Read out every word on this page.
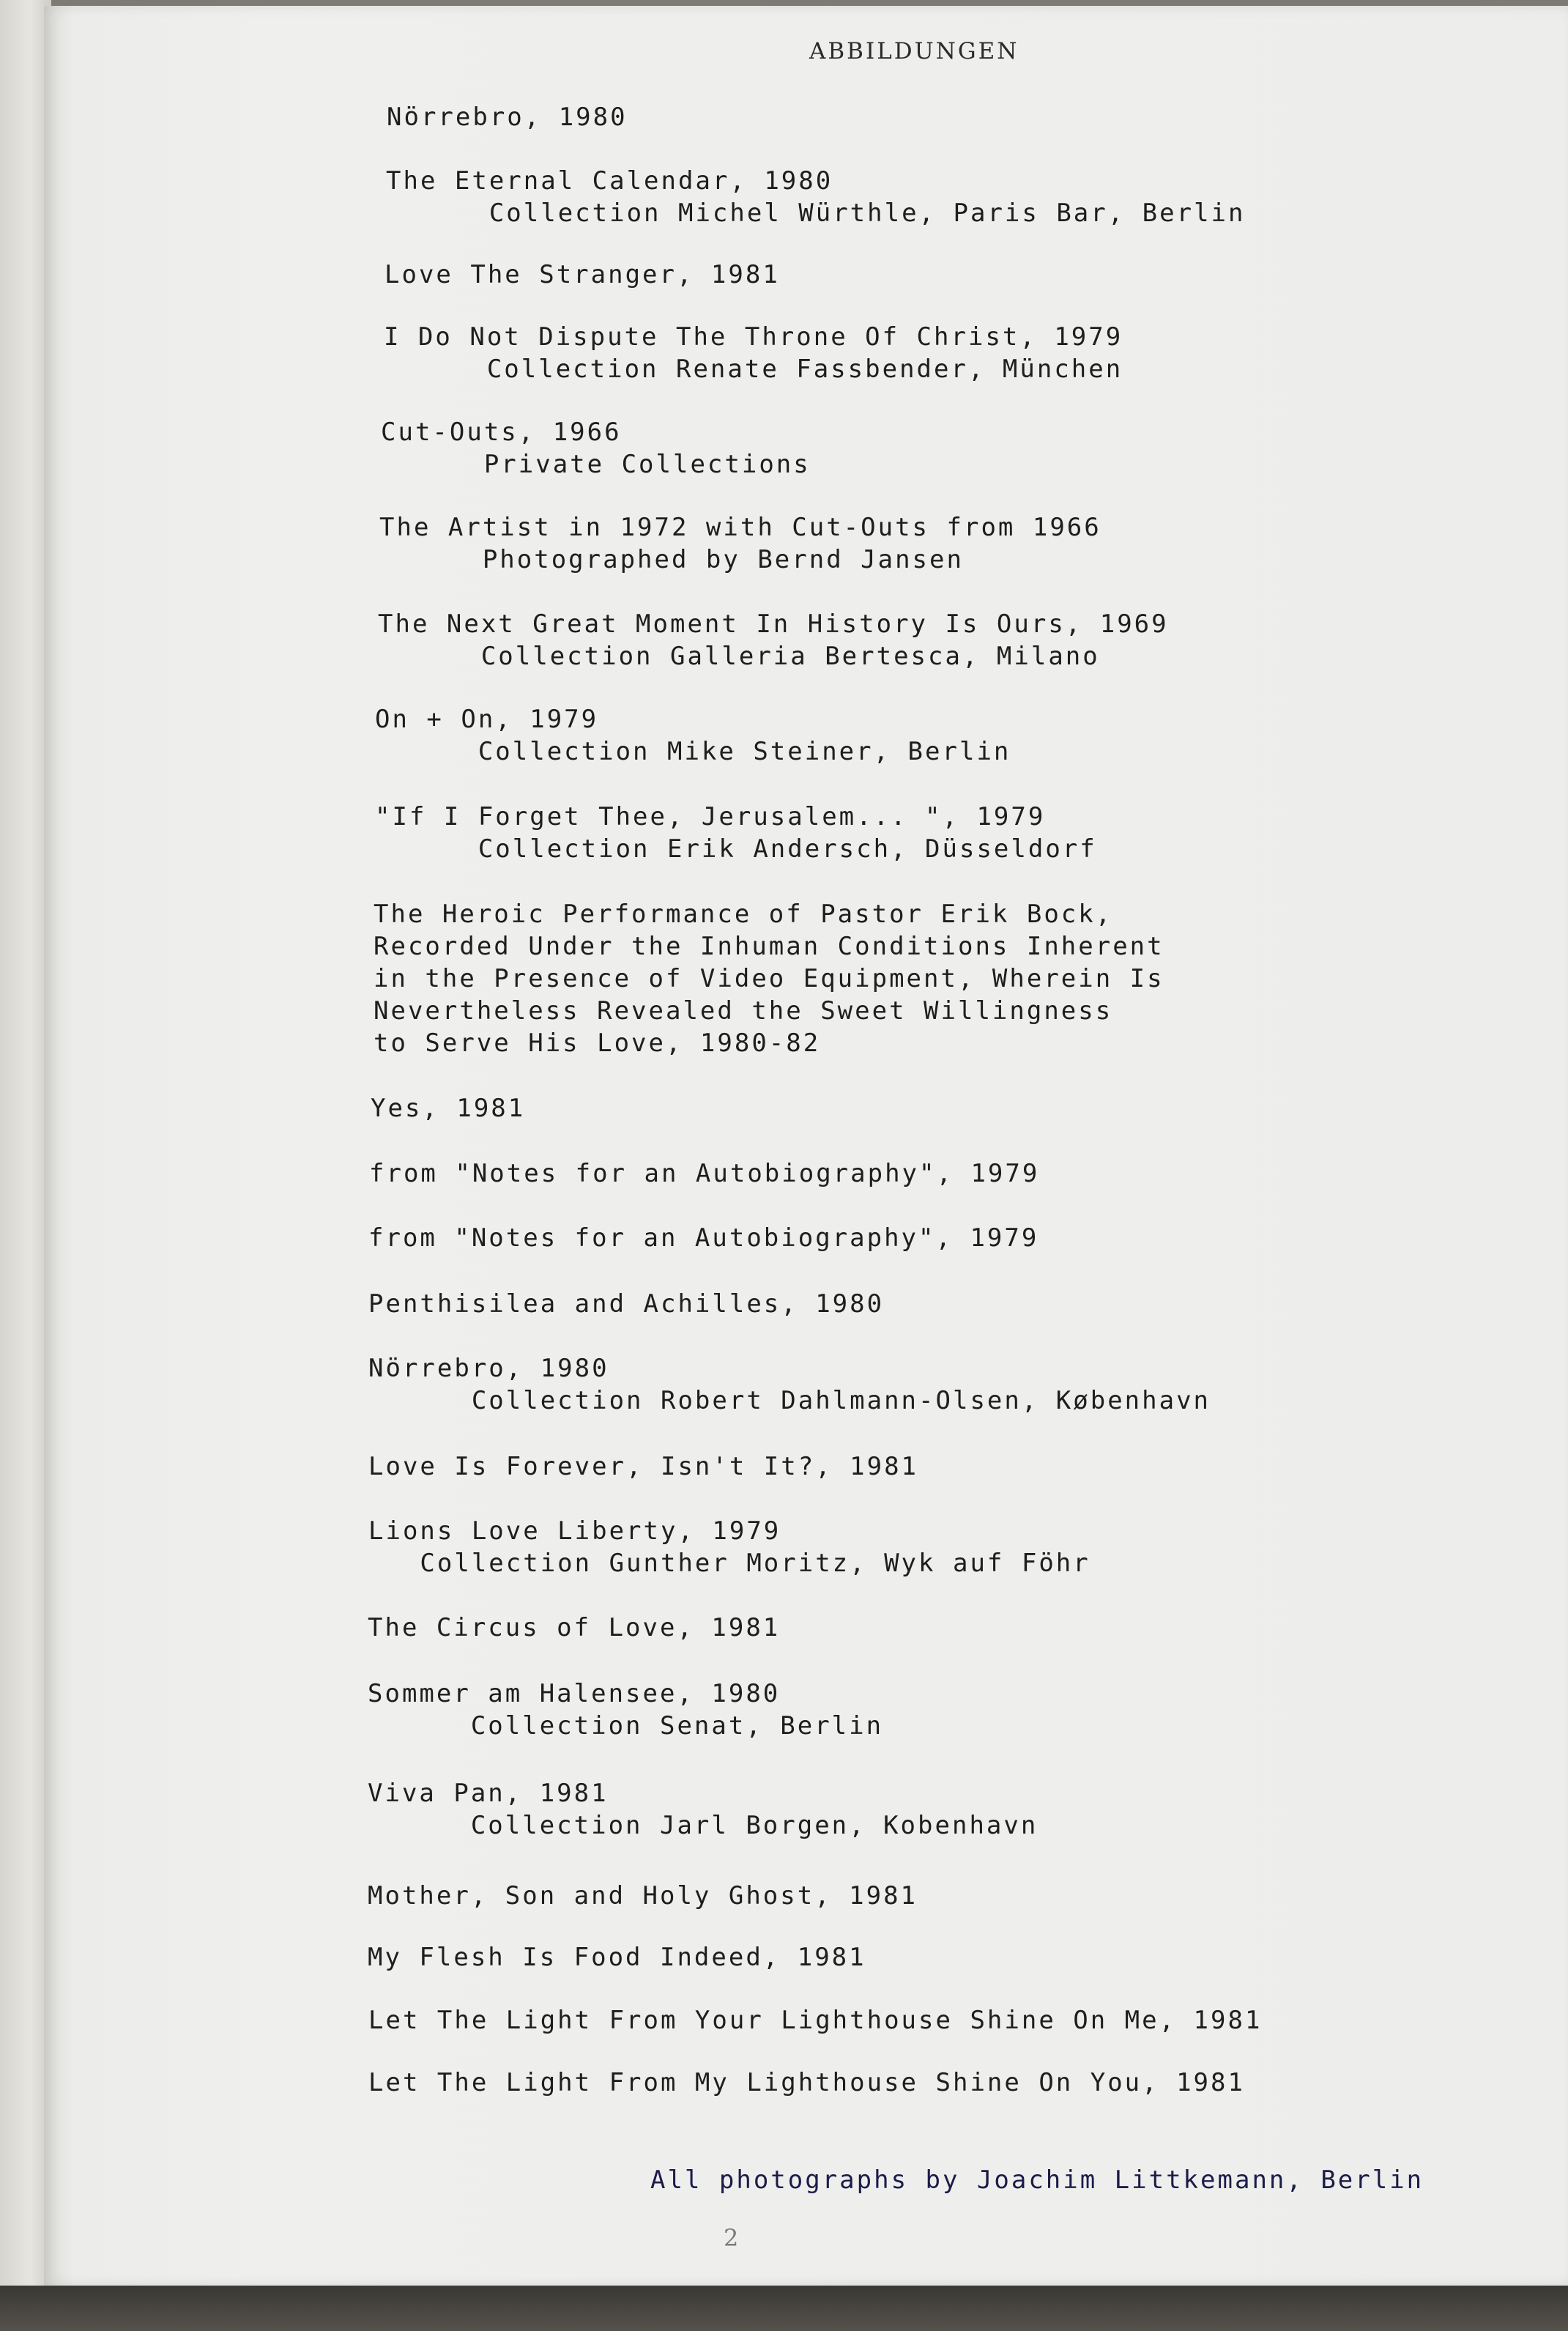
ABBILDUNGEN
Nörrebro, 1980
The Eternal Calendar, 1980
Collection Michel Würthle, Paris Bar, Berlin
Love The Stranger, 1981
I Do Not Dispute The Throne Of Christ, 1979
Collection Renate Fassbender, München
Cut-Outs, 1966
Private Collections
The Artist in 1972 with Cut-Outs from 1966
Photographed by Bernd Jansen
The Next Great Moment In History Is Ours, 1969
Collection Galleria Bertesca, Milano
On + On, 1979
Collection Mike Steiner, Berlin
"If I Forget Thee, Jerusalem... ", 1979
Collection Erik Andersch, Düsseldorf
The Heroic Performance of Pastor Erik Bock,
Recorded Under the Inhuman Conditions Inherent
in the Presence of Video Equipment, Wherein Is
Nevertheless Revealed the Sweet Willingness
to Serve His Love, 1980-82
Yes, 1981
from "Notes for an Autobiography", 1979
from "Notes for an Autobiography", 1979
Penthisilea and Achilles, 1980
Nörrebro, 1980
Collection Robert Dahlmann-Olsen, København
Love Is Forever, Isn't It?, 1981
Lions Love Liberty, 1979
Collection Gunther Moritz, Wyk auf Föhr
The Circus of Love, 1981
Sommer am Halensee, 1980
Collection Senat, Berlin
Viva Pan, 1981
Collection Jarl Borgen, Kobenhavn
Mother, Son and Holy Ghost, 1981
My Flesh Is Food Indeed, 1981
Let The Light From Your Lighthouse Shine On Me, 1981
Let The Light From My Lighthouse Shine On You, 1981
All photographs by Joachim Littkemann, Berlin
2
